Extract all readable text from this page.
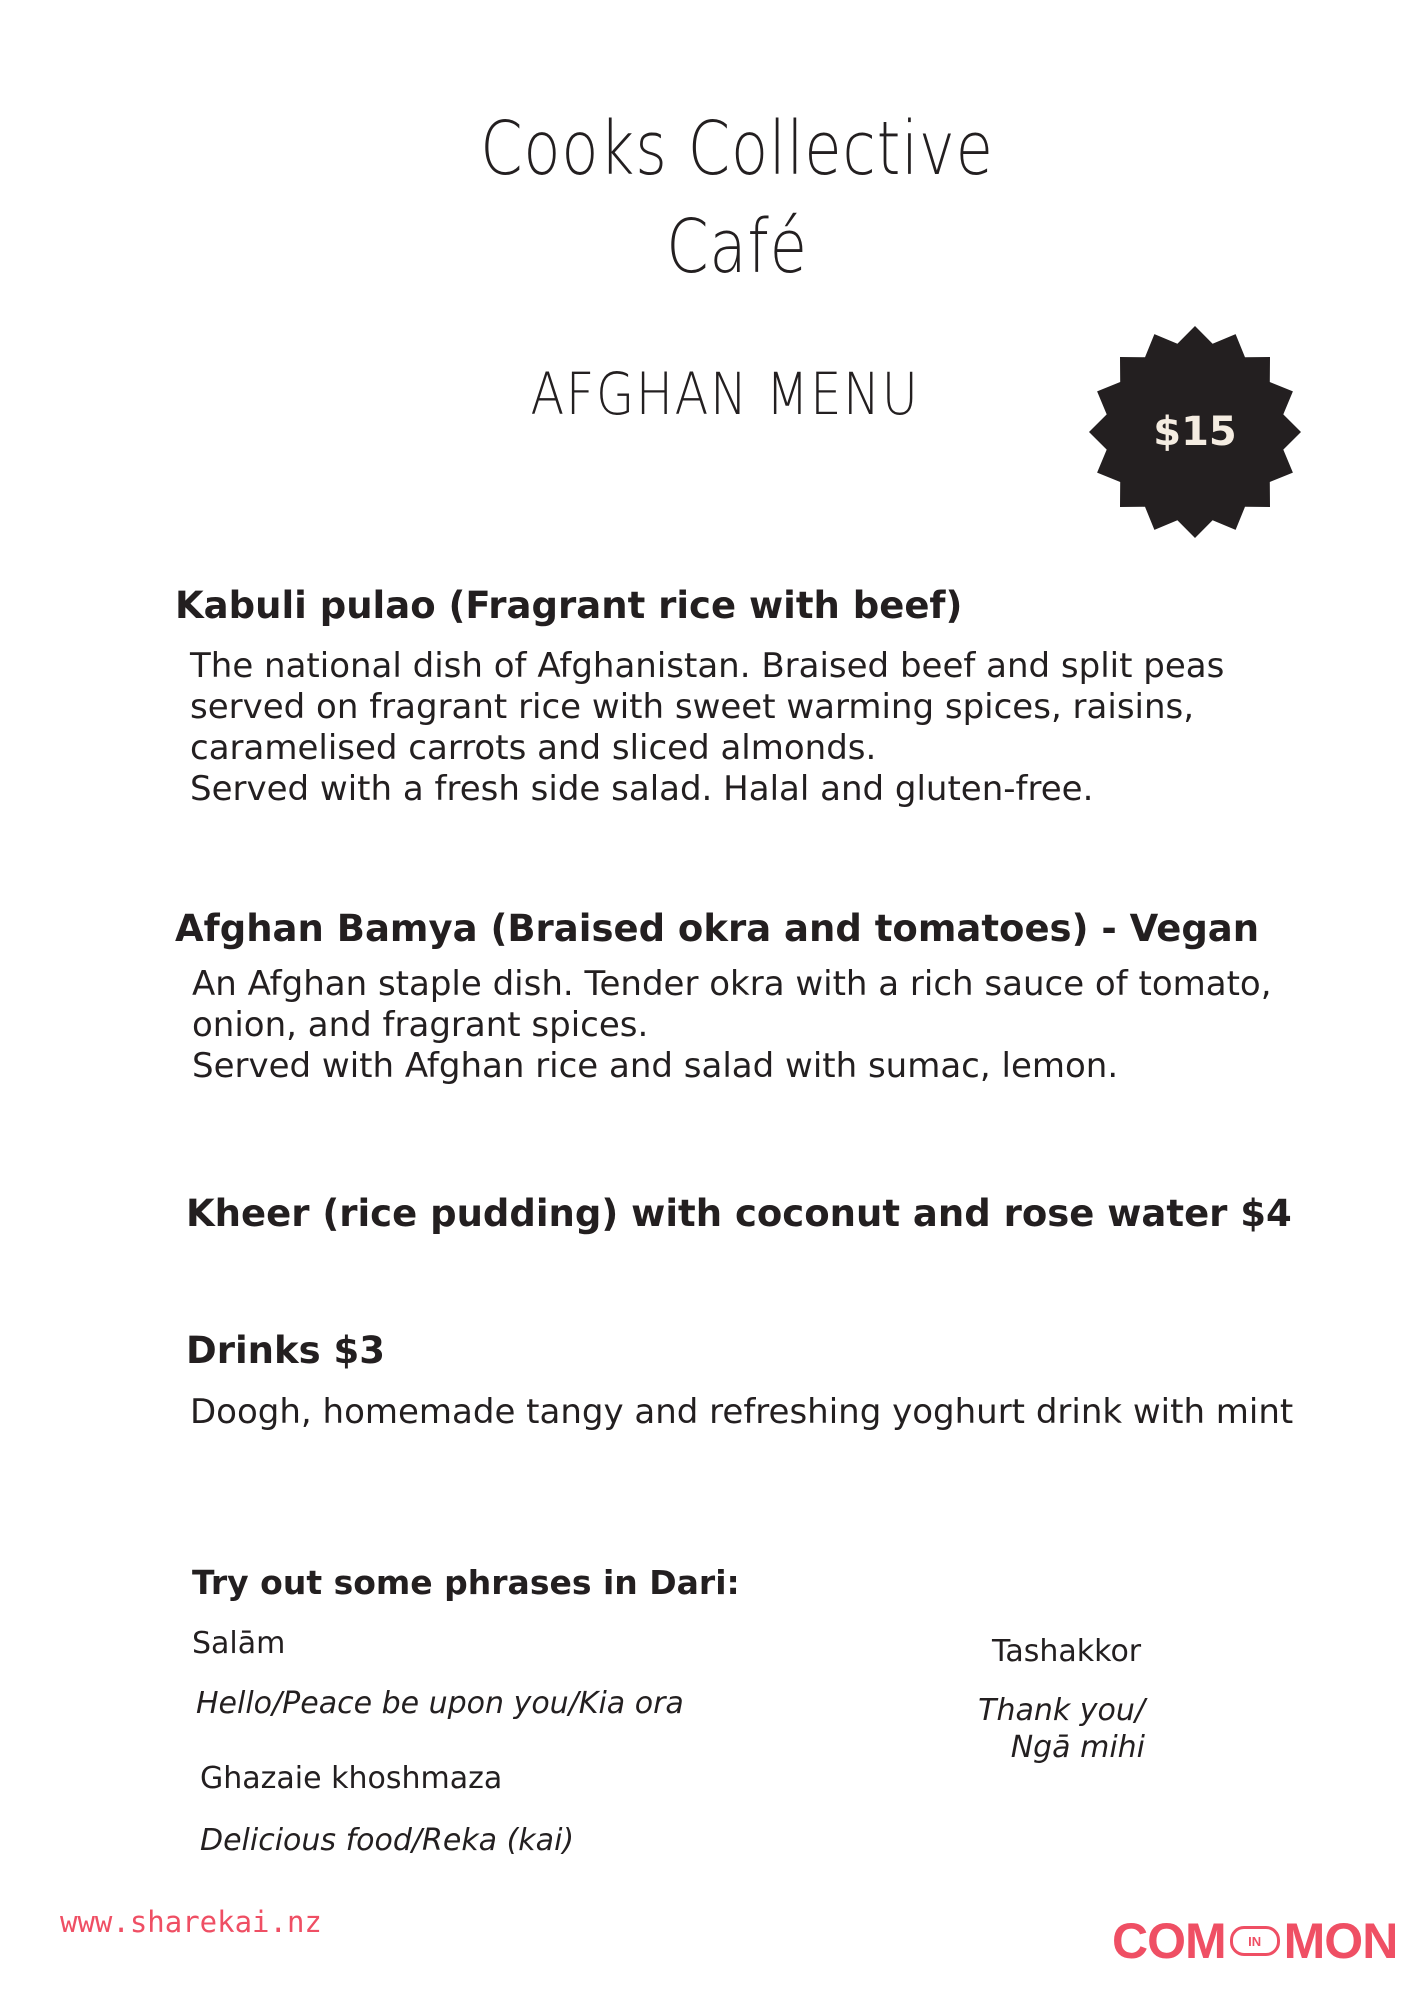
Cooks Collective
Café
AFGHAN MENU
$15
Kabuli pulao (Fragrant rice with beef)
The national dish of Afghanistan. Braised beef and split peas
served on fragrant rice with sweet warming spices, raisins,
caramelised carrots and sliced almonds.
Served with a fresh side salad. Halal and gluten-free.
Afghan Bamya (Braised okra and tomatoes) - Vegan
An Afghan staple dish. Tender okra with a rich sauce of tomato,
onion, and fragrant spices.
Served with Afghan rice and salad with sumac, lemon.
Kheer (rice pudding) with coconut and rose water $4
Drinks $3
Doogh, homemade tangy and refreshing yoghurt drink with mint
Try out some phrases in Dari:
Salām
Hello/Peace be upon you/Kia ora
Ghazaie khoshmaza
Delicious food/Reka (kai)
Tashakkor
Thank you/
Ngā mihi
www.sharekai.nz	COM	IN MON
